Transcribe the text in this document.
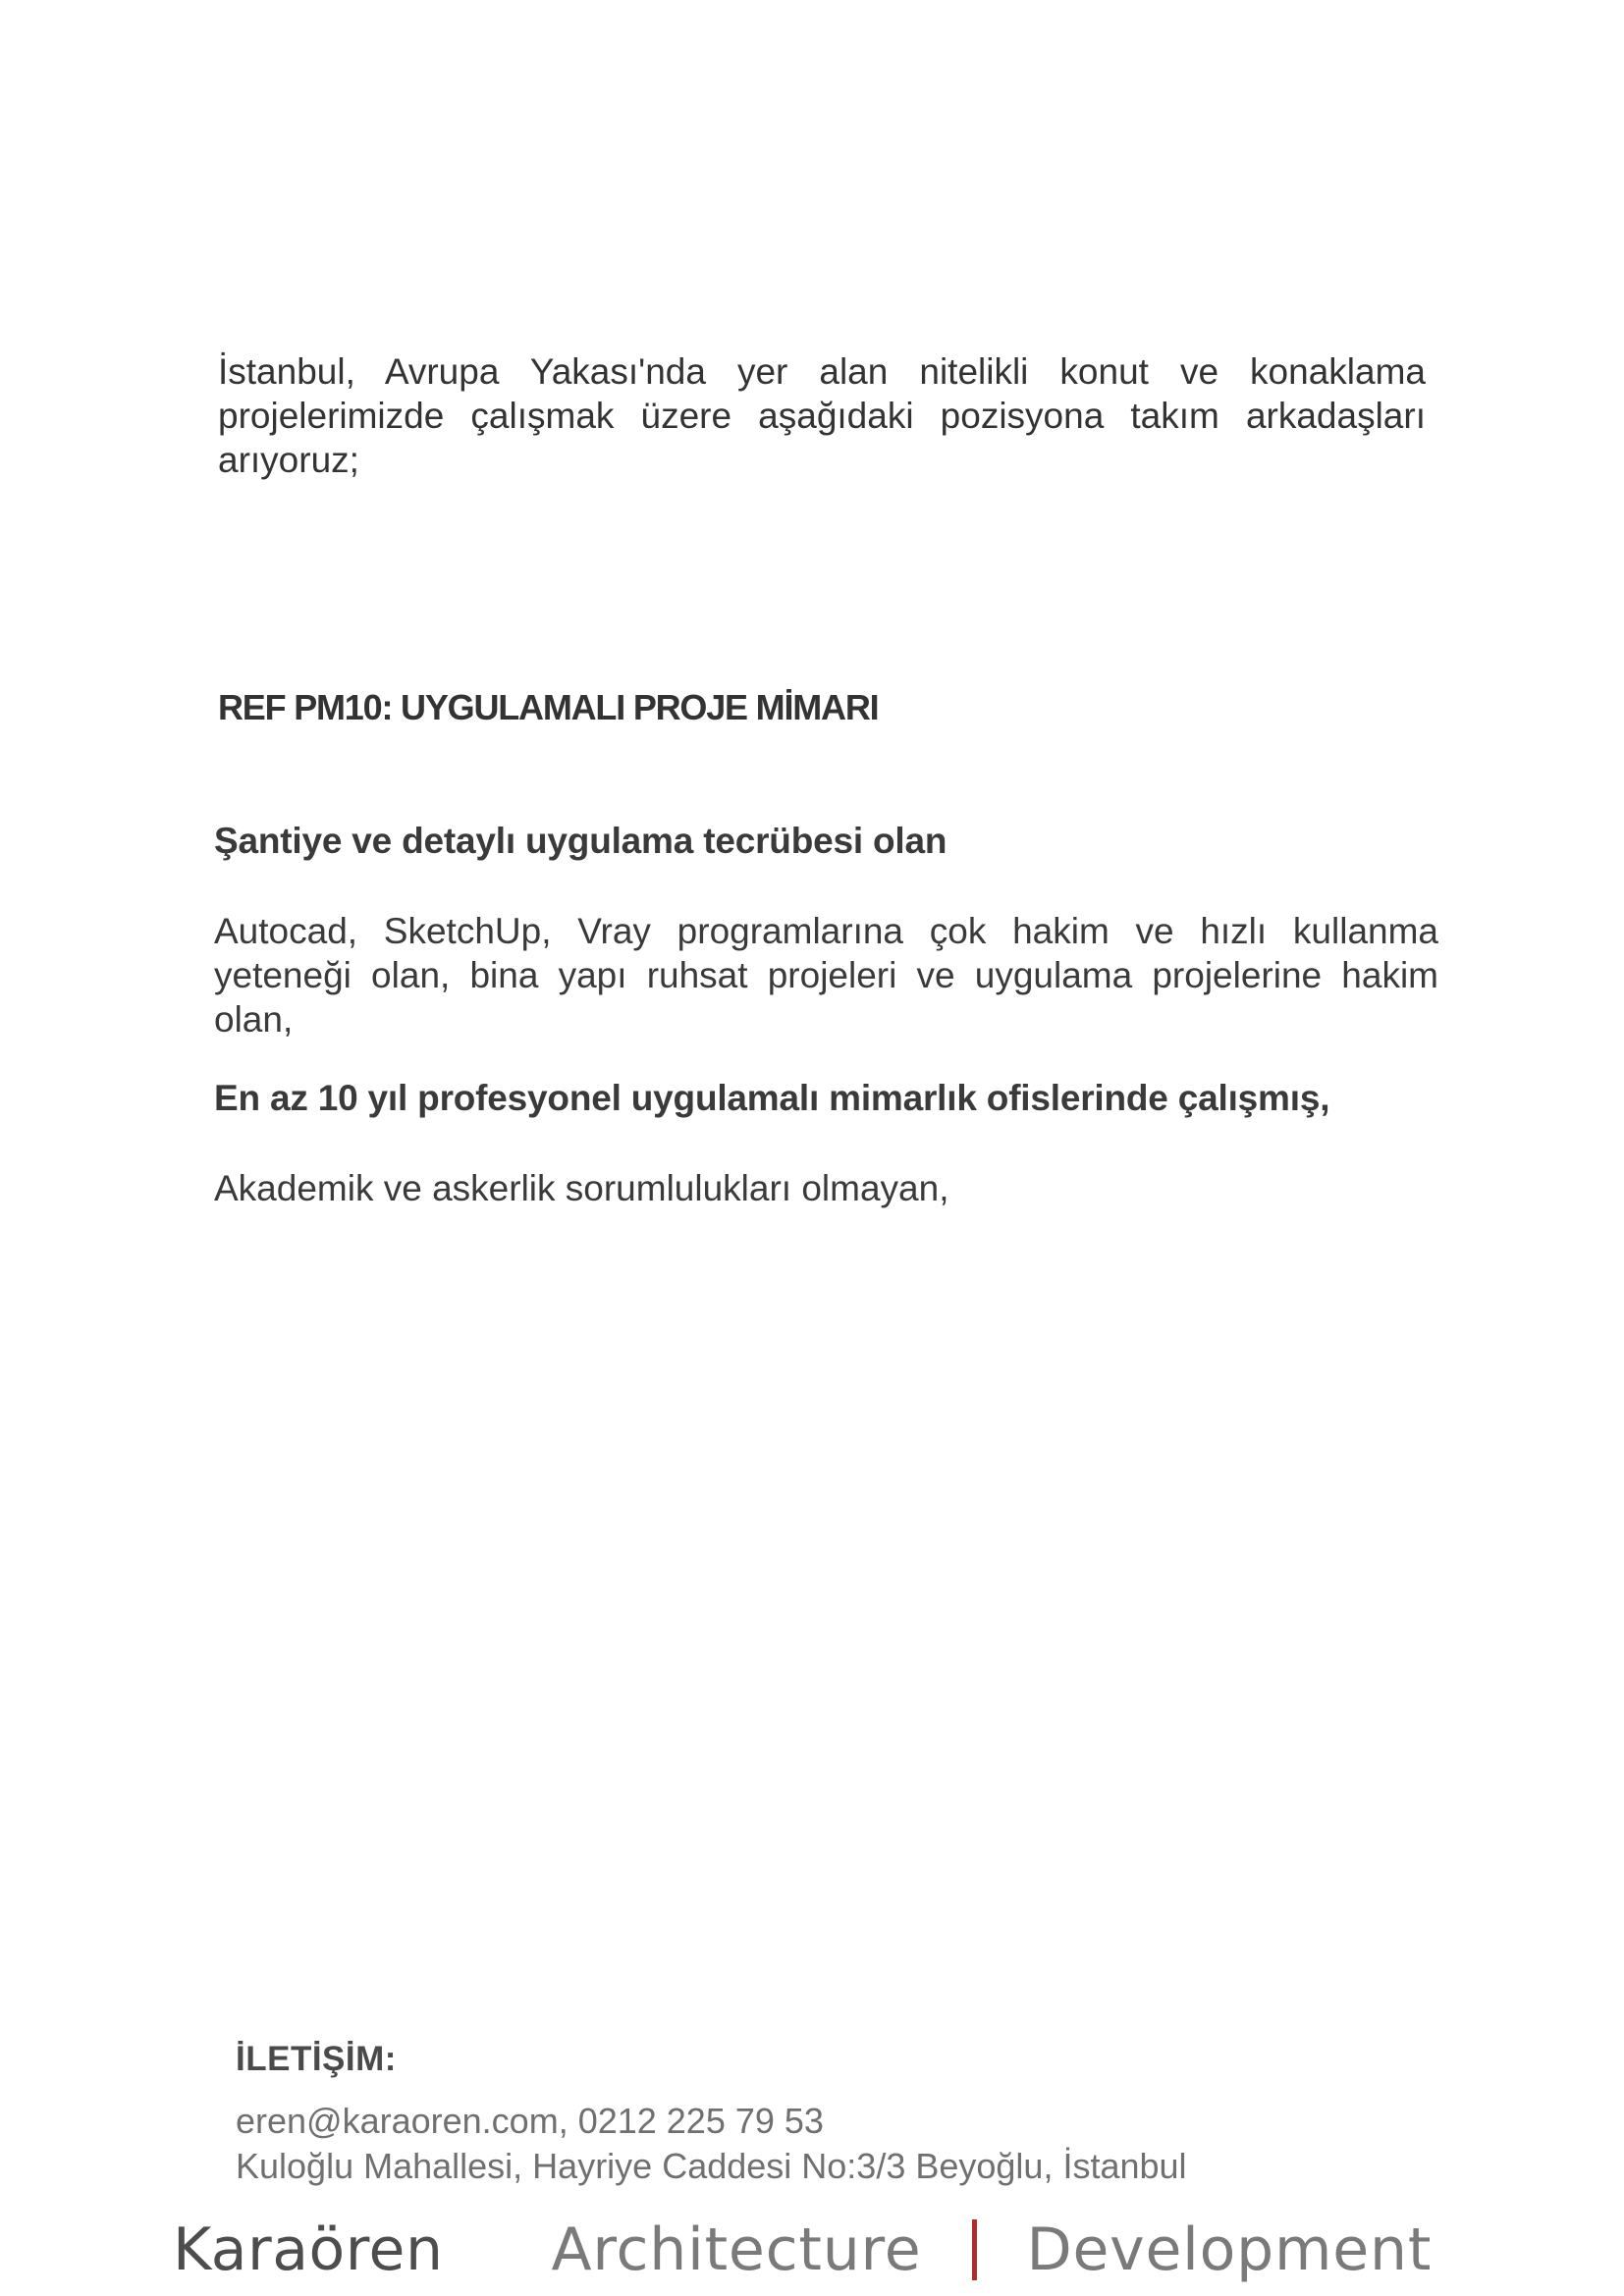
İstanbul, Avrupa Yakası'nda yer alan nitelikli konut ve konaklama projelerimizde çalışmak üzere aşağıdaki pozisyona takım arkadaşları arıyoruz;

REF PM10: UYGULAMALI PROJE MİMARI
Şantiye ve detaylı uygulama tecrübesi olan

Autocad, SketchUp, Vray programlarına çok hakim ve hızlı kullanma yeteneği olan, bina yapı ruhsat projeleri ve uygulama projelerine hakim olan,

En az 10 yıl profesyonel uygulamalı mimarlık ofislerinde çalışmış,
Akademik ve askerlik sorumlulukları olmayan,
İLETİŞİM:
eren@karaoren.com, 0212 225 79 53
Kuloğlu Mahallesi, Hayriye Caddesi No:3/3 Beyoğlu, İstanbul
Karaören Architecture Development
